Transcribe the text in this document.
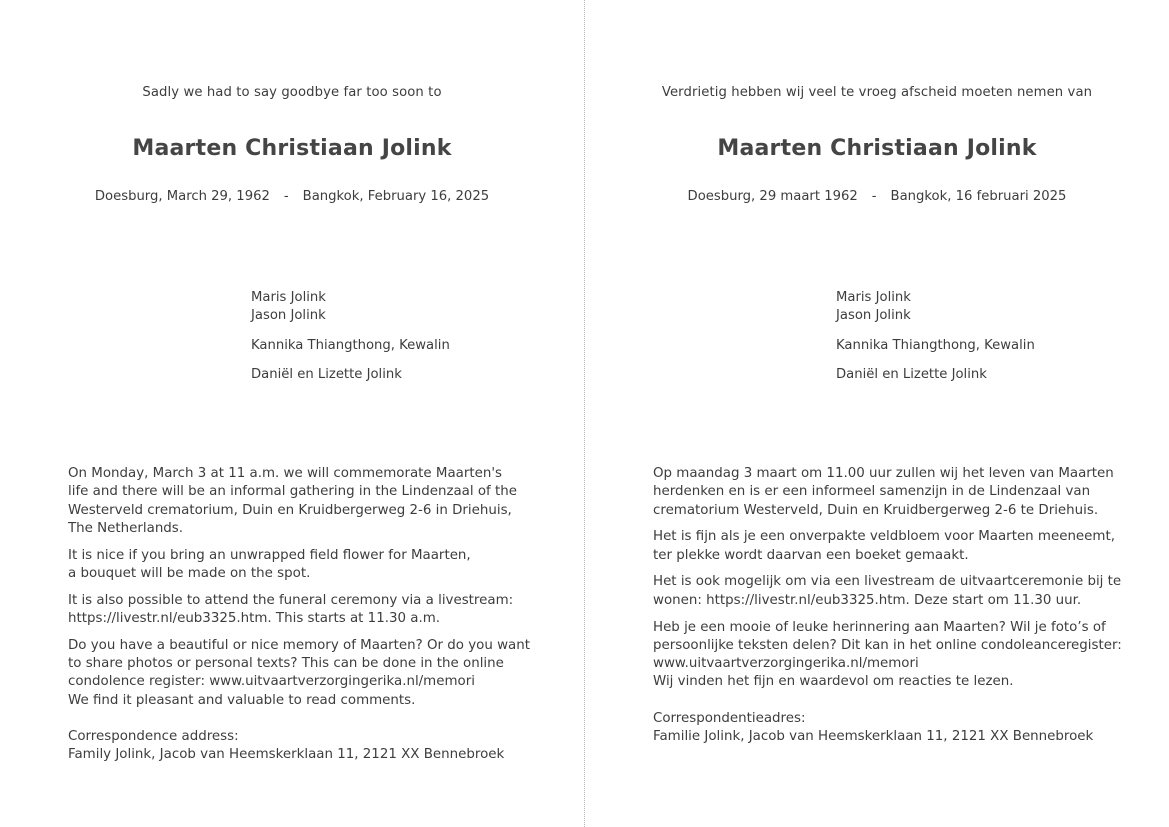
Sadly we had to say goodbye far too soon to
Maarten Christiaan Jolink
Doesburg, March 29, 1962 - Bangkok, February 16, 2025
Maris Jolink
Jason Jolink
Kannika Thiangthong, Kewalin
Daniël en Lizette Jolink

On Monday, March 3 at 11 a.m. we will commemorate Maarten's
life and there will be an informal gathering in the Lindenzaal of the
Westerveld crematorium, Duin en Kruidbergerweg 2-6 in Driehuis,
The Netherlands.

It is nice if you bring an unwrapped field flower for Maarten,
a bouquet will be made on the spot.

It is also possible to attend the funeral ceremony via a livestream:
https://livestr.nl/eub3325.htm. This starts at 11.30 a.m.

Do you have a beautiful or nice memory of Maarten? Or do you want
to share photos or personal texts? This can be done in the online
condolence register: www.uitvaartverzorgingerika.nl/memori
We find it pleasant and valuable to read comments.

Correspondence address:
Family Jolink, Jacob van Heemskerklaan 11, 2121 XX Bennebroek

Verdrietig hebben wij veel te vroeg afscheid moeten nemen van
Maarten Christiaan Jolink
Doesburg, 29 maart 1962 - Bangkok, 16 februari 2025
Maris Jolink
Jason Jolink
Kannika Thiangthong, Kewalin
Daniël en Lizette Jolink

Op maandag 3 maart om 11.00 uur zullen wij het leven van Maarten
herdenken en is er een informeel samenzijn in de Lindenzaal van
crematorium Westerveld, Duin en Kruidbergerweg 2-6 te Driehuis.

Het is fijn als je een onverpakte veldbloem voor Maarten meeneemt,
ter plekke wordt daarvan een boeket gemaakt.

Het is ook mogelijk om via een livestream de uitvaartceremonie bij te
wonen: https://livestr.nl/eub3325.htm. Deze start om 11.30 uur.

Heb je een mooie of leuke herinnering aan Maarten? Wil je foto’s of
persoonlijke teksten delen? Dit kan in het online condoleanceregister:
www.uitvaartverzorgingerika.nl/memori
Wij vinden het fijn en waardevol om reacties te lezen.

Correspondentieadres:
Familie Jolink, Jacob van Heemskerklaan 11, 2121 XX Bennebroek
